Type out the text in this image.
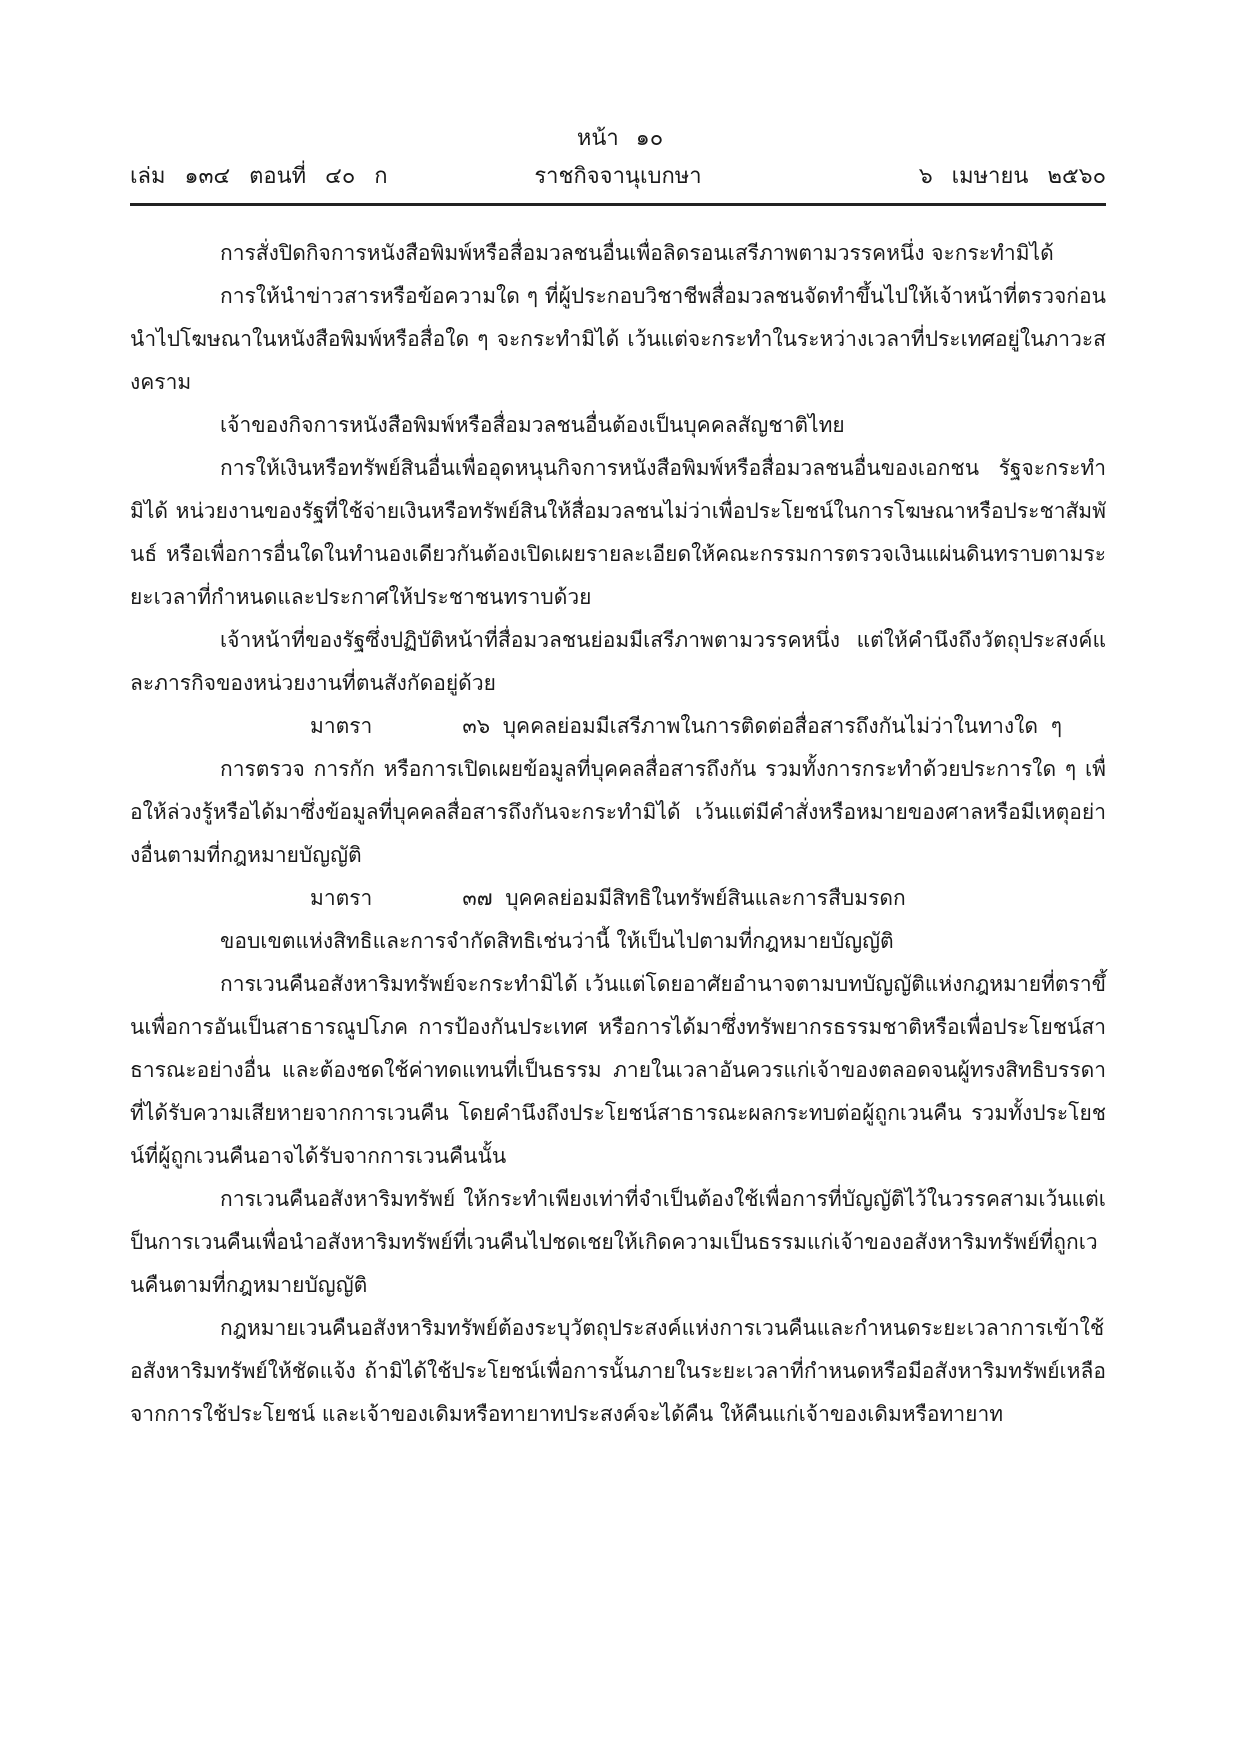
หน้า ๑๐
เล่ม ๑๓๔ ตอนที่ ๔๐ ก	ราชกิจจานุเบกษา	๖ เมษายน ๒๕๖๐

การสั่งปิดกิจการหนังสือพิมพ์หรือสื่อมวลชนอื่นเพื่อลิดรอนเสรีภาพตามวรรคหนึ่ง จะกระทำมิได้

การให้นำข่าวสารหรือข้อความใด ๆ ที่ผู้ประกอบวิชาชีพสื่อมวลชนจัดทำขึ้นไปให้เจ้าหน้าที่ตรวจก่อนนำไปโฆษณาในหนังสือพิมพ์หรือสื่อใด ๆ จะกระทำมิได้ เว้นแต่จะกระทำในระหว่างเวลาที่ประเทศอยู่ในภาวะสงคราม

เจ้าของกิจการหนังสือพิมพ์หรือสื่อมวลชนอื่นต้องเป็นบุคคลสัญชาติไทย

การให้เงินหรือทรัพย์สินอื่นเพื่ออุดหนุนกิจการหนังสือพิมพ์หรือสื่อมวลชนอื่นของเอกชน รัฐจะกระทำมิได้ หน่วยงานของรัฐที่ใช้จ่ายเงินหรือทรัพย์สินให้สื่อมวลชนไม่ว่าเพื่อประโยชน์ในการโฆษณาหรือประชาสัมพันธ์ หรือเพื่อการอื่นใดในทำนองเดียวกันต้องเปิดเผยรายละเอียดให้คณะกรรมการตรวจเงินแผ่นดินทราบตามระยะเวลาที่กำหนดและประกาศให้ประชาชนทราบด้วย

เจ้าหน้าที่ของรัฐซึ่งปฏิบัติหน้าที่สื่อมวลชนย่อมมีเสรีภาพตามวรรคหนึ่ง แต่ให้คำนึงถึงวัตถุประสงค์และภารกิจของหน่วยงานที่ตนสังกัดอยู่ด้วย

มาตรา	๓๖ บุคคลย่อมมีเสรีภาพในการติดต่อสื่อสารถึงกันไม่ว่าในทางใด ๆ

การตรวจ การกัก หรือการเปิดเผยข้อมูลที่บุคคลสื่อสารถึงกัน รวมทั้งการกระทำด้วยประการใด ๆ เพื่อให้ล่วงรู้หรือได้มาซึ่งข้อมูลที่บุคคลสื่อสารถึงกันจะกระทำมิได้ เว้นแต่มีคำสั่งหรือหมายของศาลหรือมีเหตุอย่างอื่นตามที่กฎหมายบัญญัติ

มาตรา	๓๗ บุคคลย่อมมีสิทธิในทรัพย์สินและการสืบมรดก

ขอบเขตแห่งสิทธิและการจำกัดสิทธิเช่นว่านี้ ให้เป็นไปตามที่กฎหมายบัญญัติ

การเวนคืนอสังหาริมทรัพย์จะกระทำมิได้ เว้นแต่โดยอาศัยอำนาจตามบทบัญญัติแห่งกฎหมายที่ตราขึ้นเพื่อการอันเป็นสาธารณูปโภค การป้องกันประเทศ หรือการได้มาซึ่งทรัพยากรธรรมชาติหรือเพื่อประโยชน์สาธารณะอย่างอื่น และต้องชดใช้ค่าทดแทนที่เป็นธรรม ภายในเวลาอันควรแก่เจ้าของตลอดจนผู้ทรงสิทธิบรรดาที่ได้รับความเสียหายจากการเวนคืน โดยคำนึงถึงประโยชน์สาธารณะผลกระทบต่อผู้ถูกเวนคืน รวมทั้งประโยชน์ที่ผู้ถูกเวนคืนอาจได้รับจากการเวนคืนนั้น

การเวนคืนอสังหาริมทรัพย์ ให้กระทำเพียงเท่าที่จำเป็นต้องใช้เพื่อการที่บัญญัติไว้ในวรรคสามเว้นแต่เป็นการเวนคืนเพื่อนำอสังหาริมทรัพย์ที่เวนคืนไปชดเชยให้เกิดความเป็นธรรมแก่เจ้าของอสังหาริมทรัพย์ที่ถูกเวนคืนตามที่กฎหมายบัญญัติ

กฎหมายเวนคืนอสังหาริมทรัพย์ต้องระบุวัตถุประสงค์แห่งการเวนคืนและกำหนดระยะเวลาการเข้าใช้อสังหาริมทรัพย์ให้ชัดแจ้ง ถ้ามิได้ใช้ประโยชน์เพื่อการนั้นภายในระยะเวลาที่กำหนดหรือมีอสังหาริมทรัพย์เหลือจากการใช้ประโยชน์ และเจ้าของเดิมหรือทายาทประสงค์จะได้คืน ให้คืนแก่เจ้าของเดิมหรือทายาท
